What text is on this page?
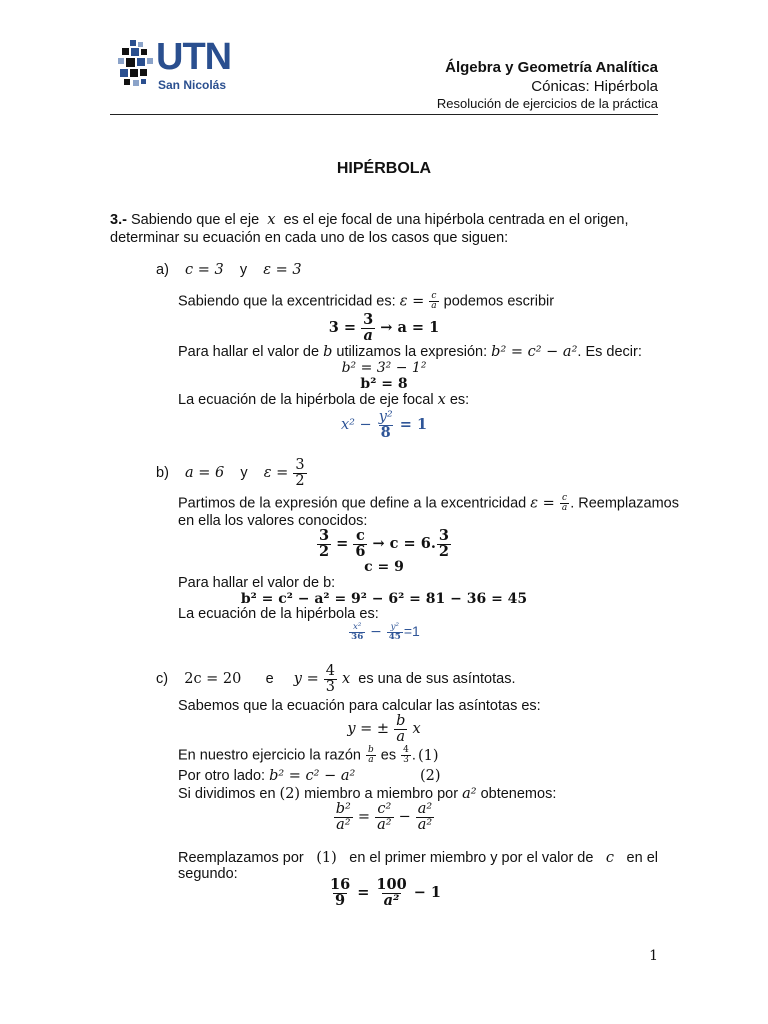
UTN
San Nicolás
Álgebra y Geometría Analítica
Cónicas: Hipérbola
Resolución de ejercicios de la práctica
HIPÉRBOLA
3.- Sabiendo que el eje x es el eje focal de una hipérbola centrada en el origen,
determinar su ecuación en cada uno de los casos que siguen:
a) c = 3 y ε = 3
Sabiendo que la excentricidad es: $\varepsilon = \frac{c}{a}$ podemos escribir
$3 = \frac{3}{a} \to a = 1$
Para hallar el valor de b utilizamos la expresión: b² = c² − a². Es decir:
b² = 3² − 1²
b² = 8
La ecuación de la hipérbola de eje focal x es:
$x^2 - \frac{\text{y²}}{8} = 1$
b) a = 6 y $\varepsilon = \frac{3}{2}$
Partimos de la expresión que define a la excentricidad $\varepsilon = \frac{c}{a}$ . Reemplazamos
en ella los valores conocidos:
$\frac{3}{2} = \frac{c}{6} \to c = 6$. $\frac{3}{2}$
c = 9
Para hallar el valor de b:
b² = c² − a² = 9² − 6² = 81 − 36 = 45
La ecuación de la hipérbola es:
$\frac{\text{x²}}{36} - \frac{\text{y²}}{45} =1$
c) 2c = 20 e $y = \frac{4}{3}$ x es una de sus asíntotas.
Sabemos que la ecuación para calcular las asíntotas es:
y = ± $\frac{b}{a}$ x
En nuestro ejercicio la razón $\frac{b}{a}$ es $\frac{4}{3}$ . (1)
Por otro lado: b² = c² − a²	(2)
Si dividimos en (2) miembro a miembro por a² obtenemos:
$\frac{\text{b²}}{\text{a²}} = \frac{\text{c²}}{\text{a²}} - \frac{\text{a²}}{\text{a²}}$
Reemplazamos por (1) en el primer miembro y por el valor de c en el
segundo:
$\frac{16}{9} = \frac{100}{\text{a²}} - 1$
1
